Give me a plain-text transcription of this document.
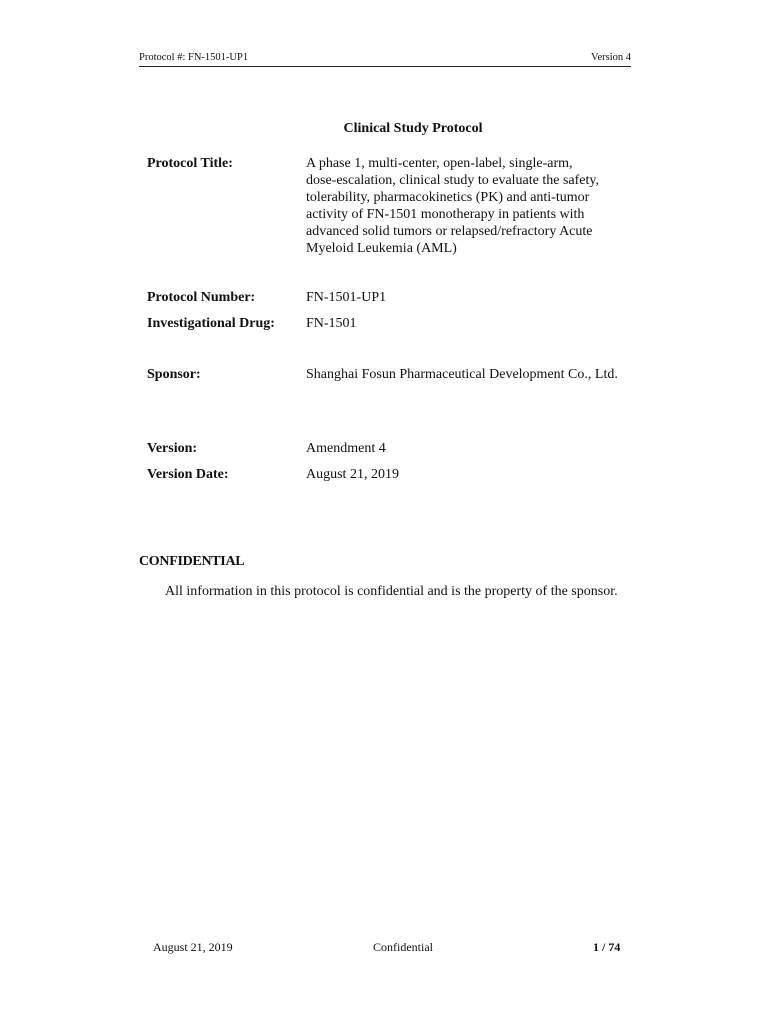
Protocol #: FN-1501-UP1	Version 4
Clinical Study Protocol
Protocol Title:	A phase 1, multi-center, open-label, single-arm, dose-escalation, clinical study to evaluate the safety, tolerability, pharmacokinetics (PK) and anti-tumor activity of FN-1501 monotherapy in patients with advanced solid tumors or relapsed/refractory Acute Myeloid Leukemia (AML)
Protocol Number:	FN-1501-UP1
Investigational Drug: FN-1501
Sponsor:	Shanghai Fosun Pharmaceutical Development Co., Ltd.
Version:	Amendment 4
Version Date:	August 21, 2019
CONFIDENTIAL
All information in this protocol is confidential and is the property of the sponsor.
August 21, 2019	Confidential	1 / 74
